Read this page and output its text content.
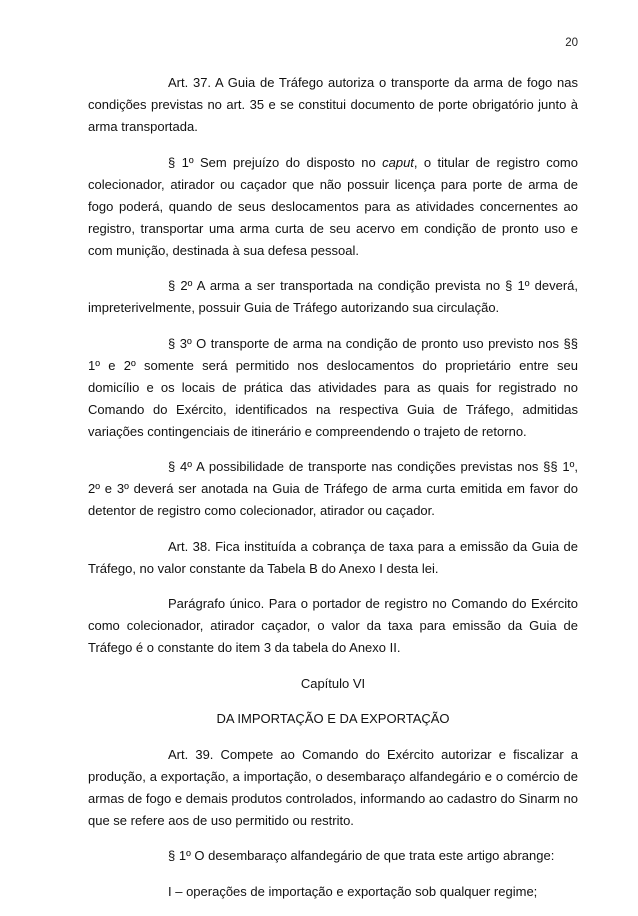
20

Art. 37. A Guia de Tráfego autoriza o transporte da arma de fogo nas condições previstas no art. 35 e se constitui documento de porte obrigatório junto à arma transportada.

§ 1º Sem prejuízo do disposto no caput, o titular de registro como colecionador, atirador ou caçador que não possuir licença para porte de arma de fogo poderá, quando de seus deslocamentos para as atividades concernentes ao registro, transportar uma arma curta de seu acervo em condição de pronto uso e com munição, destinada à sua defesa pessoal.

§ 2º A arma a ser transportada na condição prevista no § 1º deverá, impreterivelmente, possuir Guia de Tráfego autorizando sua circulação.

§ 3º O transporte de arma na condição de pronto uso previsto nos §§ 1º e 2º somente será permitido nos deslocamentos do proprietário entre seu domicílio e os locais de prática das atividades para as quais for registrado no Comando do Exército, identificados na respectiva Guia de Tráfego, admitidas variações contingenciais de itinerário e compreendendo o trajeto de retorno.

§ 4º A possibilidade de transporte nas condições previstas nos §§ 1º, 2º e 3º deverá ser anotada na Guia de Tráfego de arma curta emitida em favor do detentor de registro como colecionador, atirador ou caçador.

Art. 38. Fica instituída a cobrança de taxa para a emissão da Guia de Tráfego, no valor constante da Tabela B do Anexo I desta lei.

Parágrafo único. Para o portador de registro no Comando do Exército como colecionador, atirador caçador, o valor da taxa para emissão da Guia de Tráfego é o constante do item 3 da tabela do Anexo II.

Capítulo VI

DA IMPORTAÇÃO E DA EXPORTAÇÃO

Art. 39. Compete ao Comando do Exército autorizar e fiscalizar a produção, a exportação, a importação, o desembaraço alfandegário e o comércio de armas de fogo e demais produtos controlados, informando ao cadastro do Sinarm no que se refere aos de uso permitido ou restrito.

§ 1º O desembaraço alfandegário de que trata este artigo abrange:

I – operações de importação e exportação sob qualquer regime;
